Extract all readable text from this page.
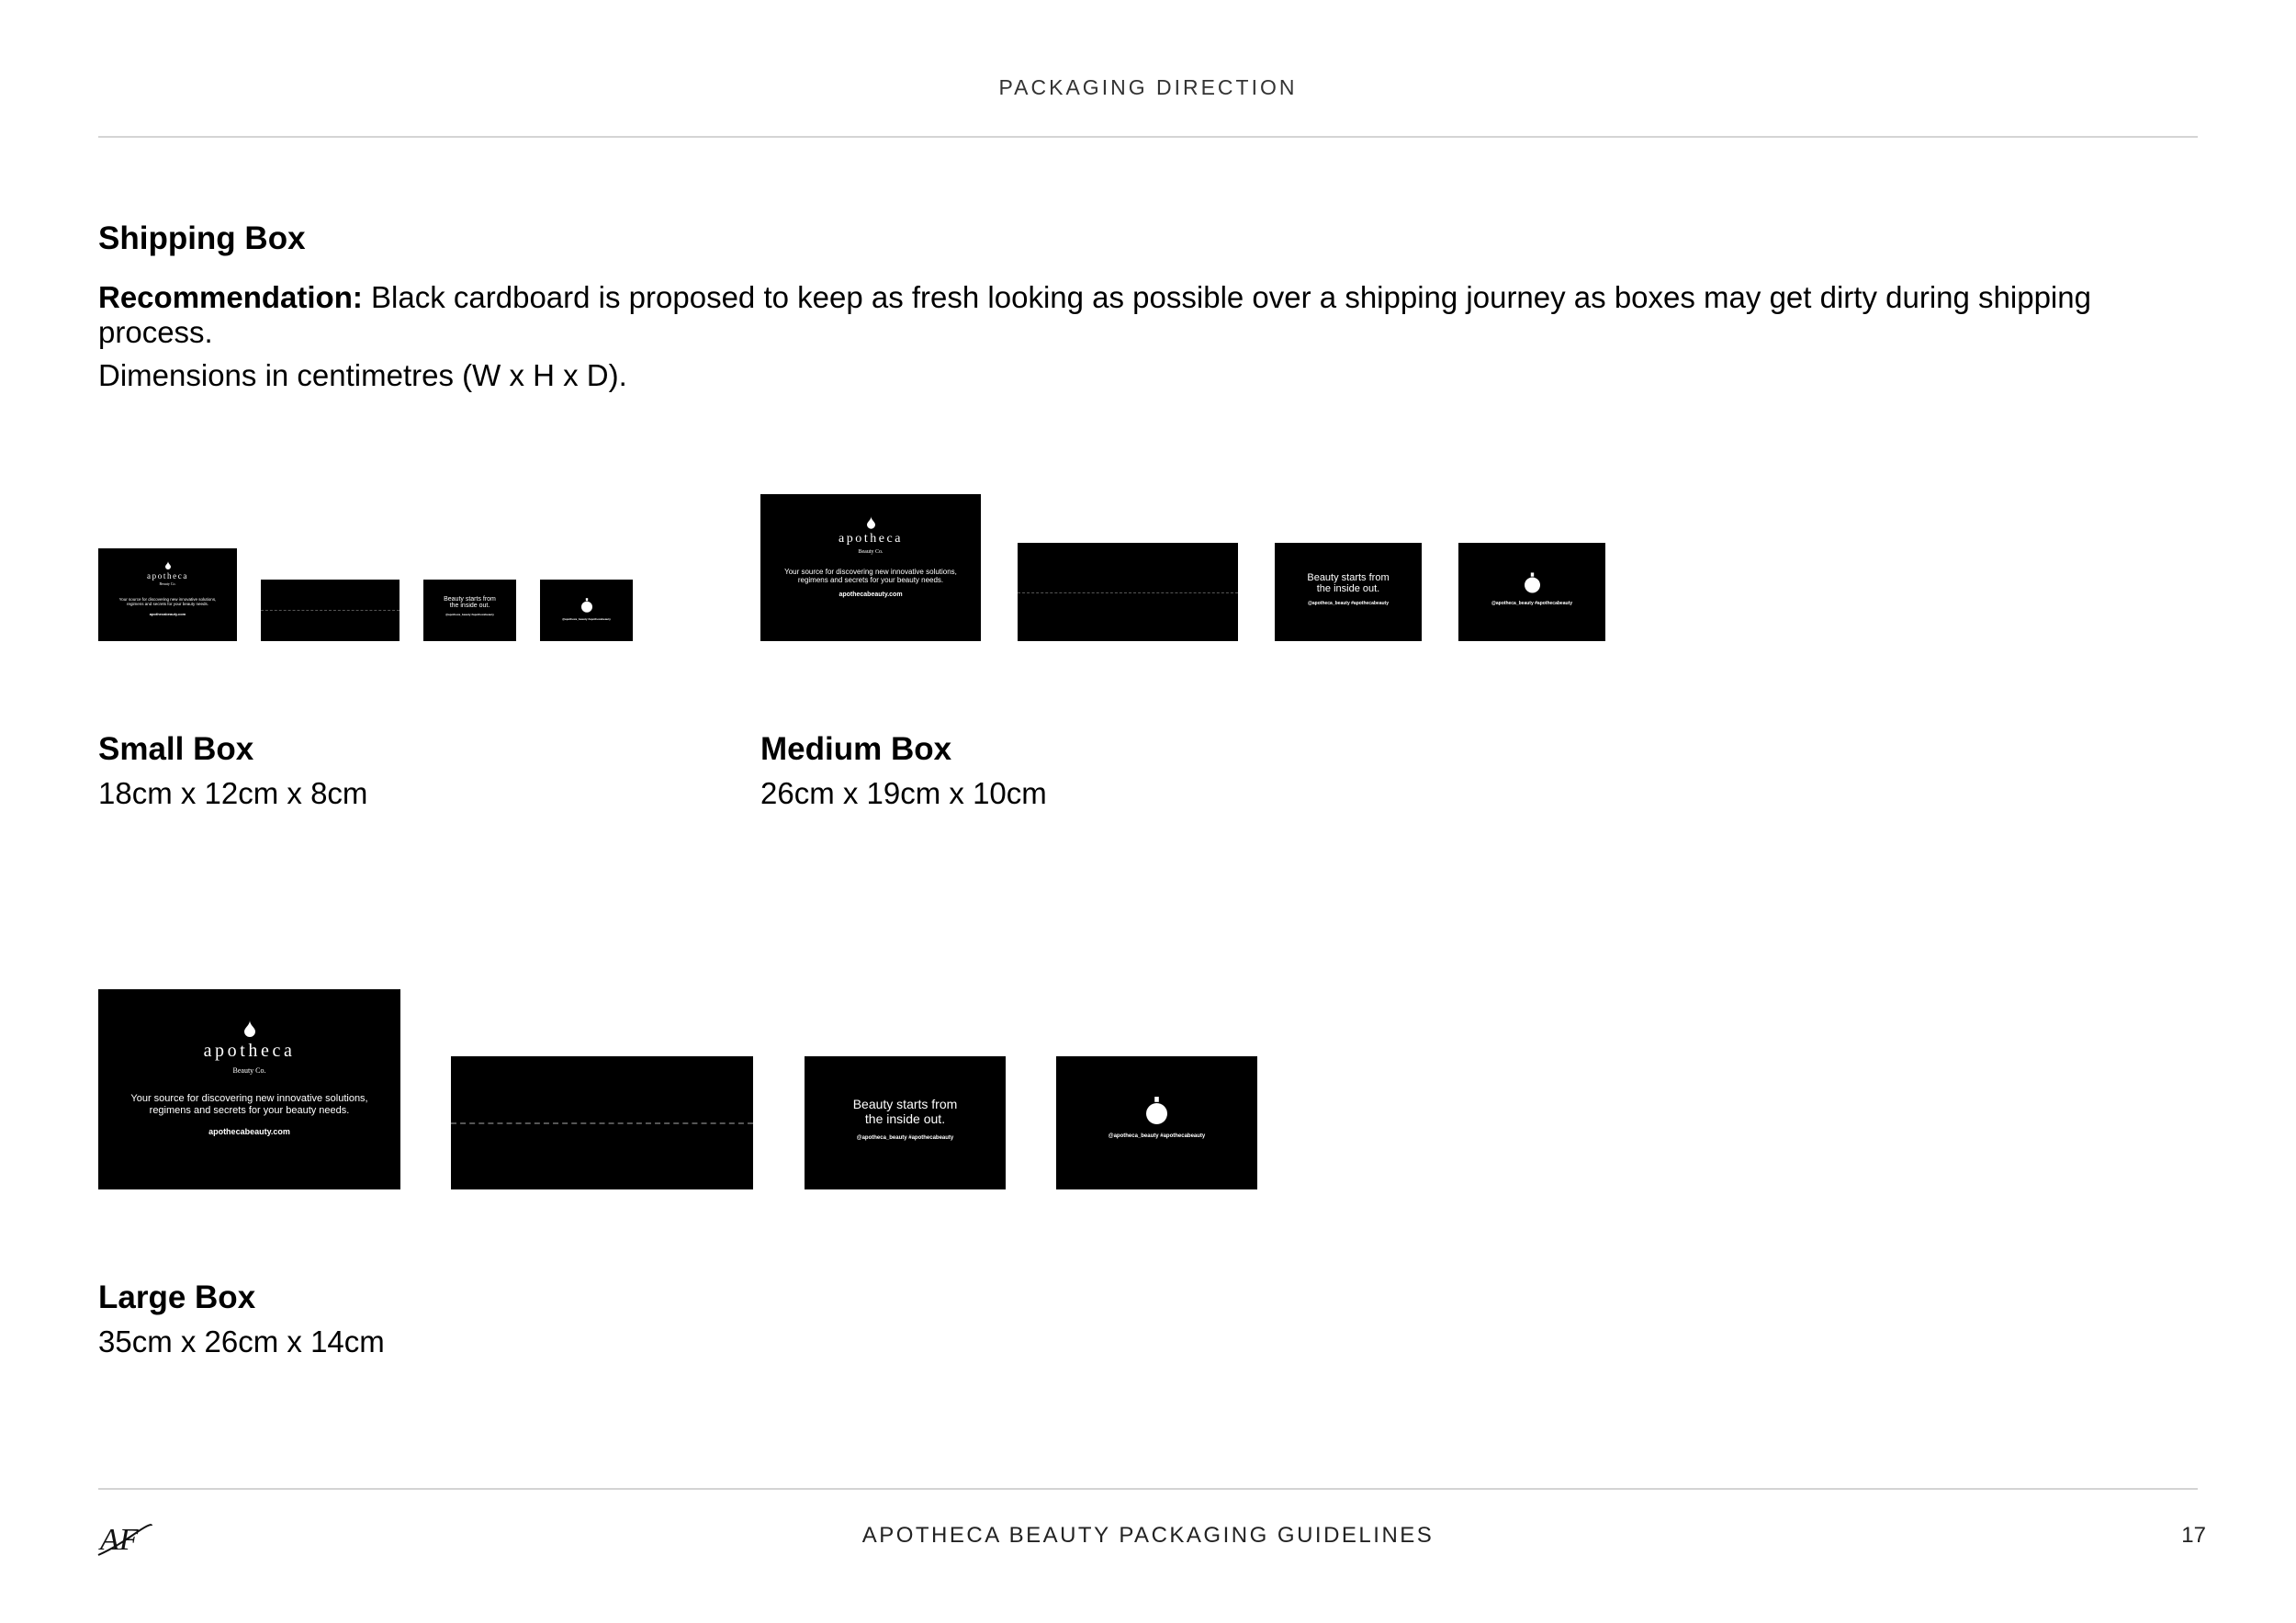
PACKAGING DIRECTION
Shipping Box
Recommendation: Black cardboard is proposed to keep as fresh looking as possible over a shipping journey as boxes may get dirty during shipping process.
Dimensions in centimetres (W x H x D).
apotheca
Beauty Co.
Your source for discovering new innovative solutions,
regimens and secrets for your beauty needs.
apothecabeauty.com
Beauty starts from
the inside out.
@apotheca_beauty #apothecabeauty
@apotheca_beauty #apothecabeauty
Small Box
18cm x 12cm x 8cm
apotheca
Beauty Co.
Your source for discovering new innovative solutions,
regimens and secrets for your beauty needs.
apothecabeauty.com
Beauty starts from
the inside out.
@apotheca_beauty #apothecabeauty	@apotheca_beauty #apothecabeauty
Medium Box
26cm x 19cm x 10cm
apotheca
Beauty Co.
Your source for discovering new innovative solutions,
regimens and secrets for your beauty needs.
apothecabeauty.com
Beauty starts from
the inside out.
@apotheca_beauty #apothecabeauty	@apotheca_beauty #apothecabeauty
Large Box
35cm x 26cm x 14cm
AF	APOTHECA BEAUTY PACKAGING GUIDELINES	17
